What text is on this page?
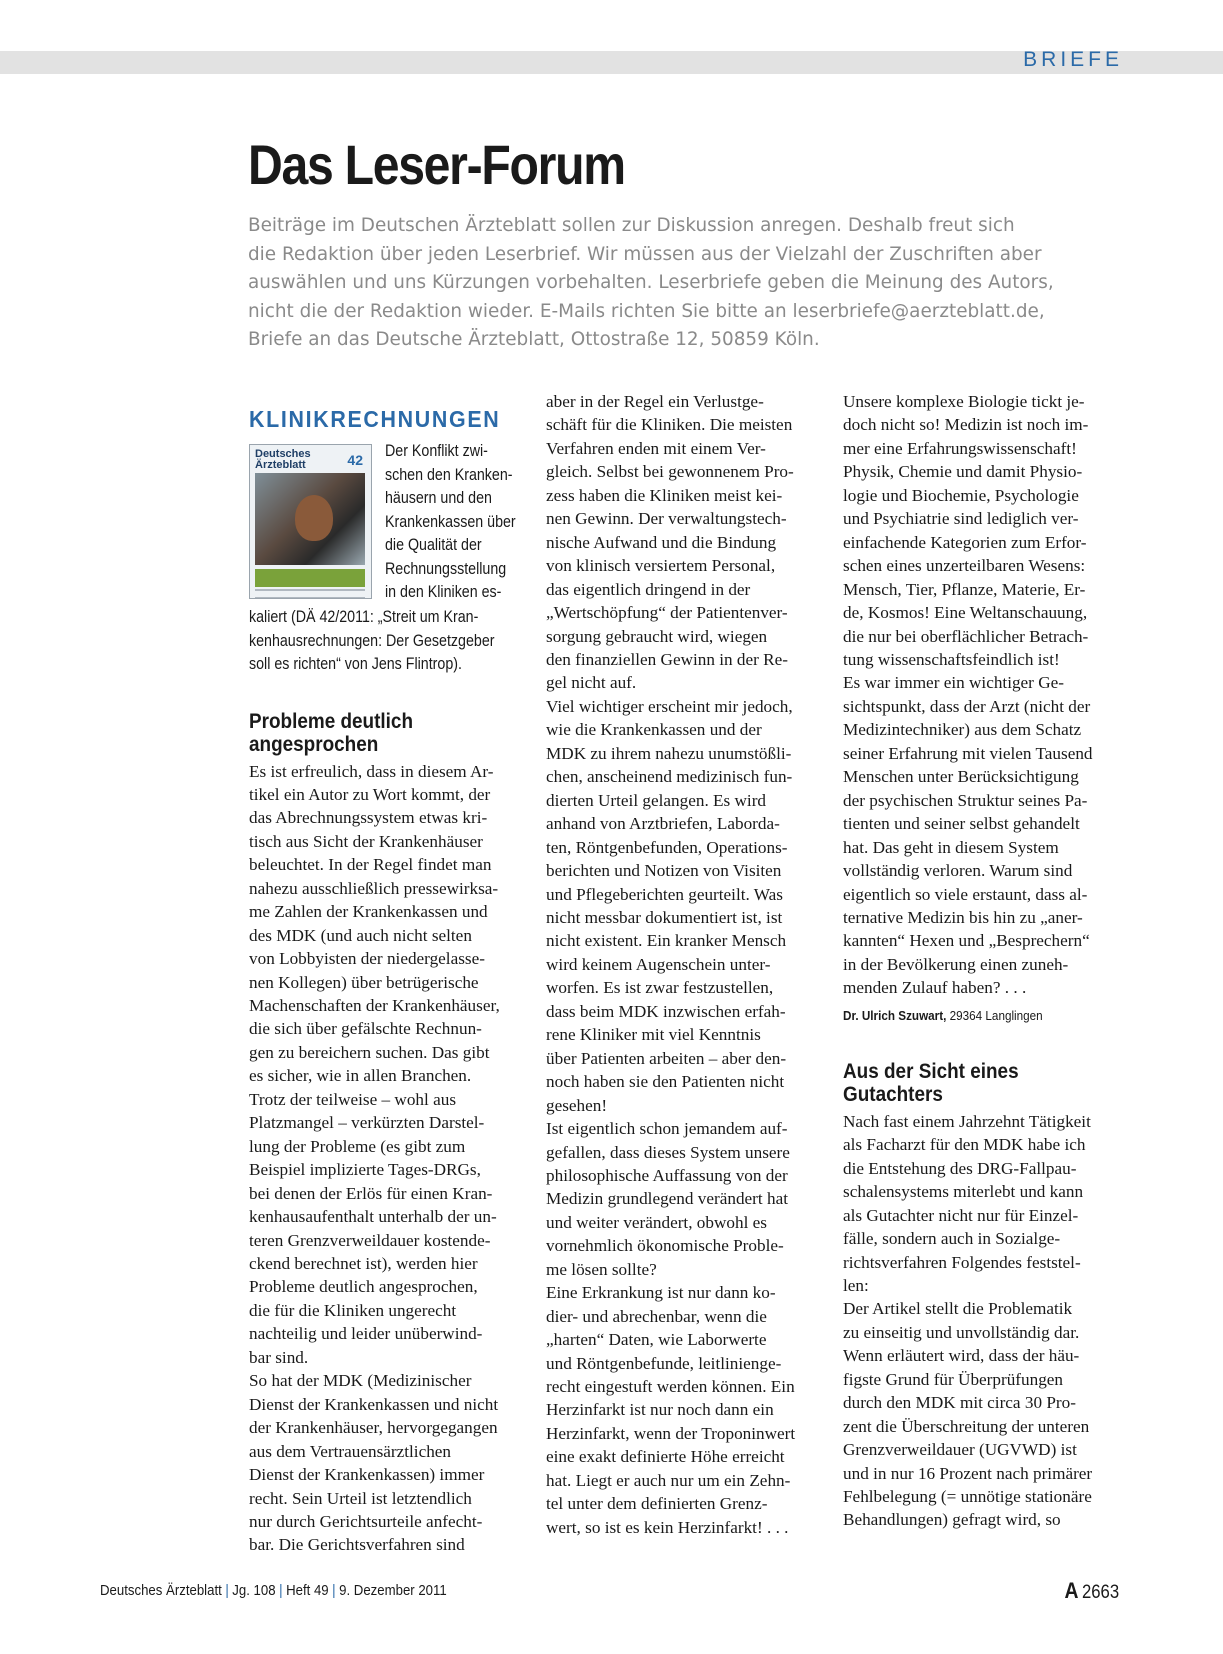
BRIEFE
Das Leser-Forum
Beiträge im Deutschen Ärzteblatt sollen zur Diskussion anregen. Deshalb freut sich
die Redaktion über jeden Leserbrief. Wir müssen aus der Vielzahl der Zuschriften aber
auswählen und uns Kürzungen vorbehalten. Leserbriefe geben die Meinung des Autors,
nicht die der Redaktion wieder. E-Mails richten Sie bitte an leserbriefe@aerzteblatt.de,
Briefe an das Deutsche Ärzteblatt, Ottostraße 12, 50859 Köln.
KLINIKRECHNUNGEN
Deutsches
Ärzteblatt	42 Der Konflikt zwi-
schen den Kranken-
häusern und den
Krankenkassen über
die Qualität der
Rechnungsstellung
in den Kliniken es-
kaliert (DÄ 42/2011: „Streit um Kran-
kenhausrechnungen: Der Gesetzgeber
soll es richten“ von Jens Flintrop).
Probleme deutlich
angesprochen
Es ist erfreulich, dass in diesem Ar-
tikel ein Autor zu Wort kommt, der
das Abrechnungssystem etwas kri-
tisch aus Sicht der Krankenhäuser
beleuchtet. In der Regel findet man
nahezu ausschließlich pressewirksa-
me Zahlen der Krankenkassen und
des MDK (und auch nicht selten
von Lobbyisten der niedergelasse-
nen Kollegen) über betrügerische
Machenschaften der Krankenhäuser,
die sich über gefälschte Rechnun-
gen zu bereichern suchen. Das gibt
es sicher, wie in allen Branchen.
Trotz der teilweise – wohl aus
Platzmangel – verkürzten Darstel-
lung der Probleme (es gibt zum
Beispiel implizierte Tages-DRGs,
bei denen der Erlös für einen Kran-
kenhausaufenthalt unterhalb der un-
teren Grenzverweildauer kostende-
ckend berechnet ist), werden hier
Probleme deutlich angesprochen,
die für die Kliniken ungerecht
nachteilig und leider unüberwind-
bar sind.
So hat der MDK (Medizinischer
Dienst der Krankenkassen und nicht
der Krankenhäuser, hervorgegangen
aus dem Vertrauensärztlichen
Dienst der Krankenkassen) immer
recht. Sein Urteil ist letztendlich
nur durch Gerichtsurteile anfecht-
bar. Die Gerichtsverfahren sind
aber in der Regel ein Verlustge-
schäft für die Kliniken. Die meisten
Verfahren enden mit einem Ver-
gleich. Selbst bei gewonnenem Pro-
zess haben die Kliniken meist kei-
nen Gewinn. Der verwaltungstech-
nische Aufwand und die Bindung
von klinisch versiertem Personal,
das eigentlich dringend in der
„Wertschöpfung“ der Patientenver-
sorgung gebraucht wird, wiegen
den finanziellen Gewinn in der Re-
gel nicht auf.
Viel wichtiger erscheint mir jedoch,
wie die Krankenkassen und der
MDK zu ihrem nahezu unumstößli-
chen, anscheinend medizinisch fun-
dierten Urteil gelangen. Es wird
anhand von Arztbriefen, Laborda-
ten, Röntgenbefunden, Operations-
berichten und Notizen von Visiten
und Pflegeberichten geurteilt. Was
nicht messbar dokumentiert ist, ist
nicht existent. Ein kranker Mensch
wird keinem Augenschein unter-
worfen. Es ist zwar festzustellen,
dass beim MDK inzwischen erfah-
rene Kliniker mit viel Kenntnis
über Patienten arbeiten – aber den-
noch haben sie den Patienten nicht
gesehen!
Ist eigentlich schon jemandem auf-
gefallen, dass dieses System unsere
philosophische Auffassung von der
Medizin grundlegend verändert hat
und weiter verändert, obwohl es
vornehmlich ökonomische Proble-
me lösen sollte?
Eine Erkrankung ist nur dann ko-
dier- und abrechenbar, wenn die
„harten“ Daten, wie Laborwerte
und Röntgenbefunde, leitlinienge-
recht eingestuft werden können. Ein
Herzinfarkt ist nur noch dann ein
Herzinfarkt, wenn der Troponinwert
eine exakt definierte Höhe erreicht
hat. Liegt er auch nur um ein Zehn-
tel unter dem definierten Grenz-
wert, so ist es kein Herzinfarkt! . . .
Unsere komplexe Biologie tickt je-
doch nicht so! Medizin ist noch im-
mer eine Erfahrungswissenschaft!
Physik, Chemie und damit Physio-
logie und Biochemie, Psychologie
und Psychiatrie sind lediglich ver-
einfachende Kategorien zum Erfor-
schen eines unzerteilbaren Wesens:
Mensch, Tier, Pflanze, Materie, Er-
de, Kosmos! Eine Weltanschauung,
die nur bei oberflächlicher Betrach-
tung wissenschaftsfeindlich ist!
Es war immer ein wichtiger Ge-
sichtspunkt, dass der Arzt (nicht der
Medizintechniker) aus dem Schatz
seiner Erfahrung mit vielen Tausend
Menschen unter Berücksichtigung
der psychischen Struktur seines Pa-
tienten und seiner selbst gehandelt
hat. Das geht in diesem System
vollständig verloren. Warum sind
eigentlich so viele erstaunt, dass al-
ternative Medizin bis hin zu „aner-
kannten“ Hexen und „Besprechern“
in der Bevölkerung einen zuneh-
menden Zulauf haben? . . .
Dr. Ulrich Szuwart, 29364 Langlingen
Aus der Sicht eines
Gutachters
Nach fast einem Jahrzehnt Tätigkeit
als Facharzt für den MDK habe ich
die Entstehung des DRG-Fallpau-
schalensystems miterlebt und kann
als Gutachter nicht nur für Einzel-
fälle, sondern auch in Sozialge-
richtsverfahren Folgendes feststel-
len:
Der Artikel stellt die Problematik
zu einseitig und unvollständig dar.
Wenn erläutert wird, dass der häu-
figste Grund für Überprüfungen
durch den MDK mit circa 30 Pro-
zent die Überschreitung der unteren
Grenzverweildauer (UGVWD) ist
und in nur 16 Prozent nach primärer
Fehlbelegung (= unnötige stationäre
Behandlungen) gefragt wird, so
Deutsches Ärzteblatt | Jg. 108 | Heft 49 | 9. Dezember 2011	A 2663
